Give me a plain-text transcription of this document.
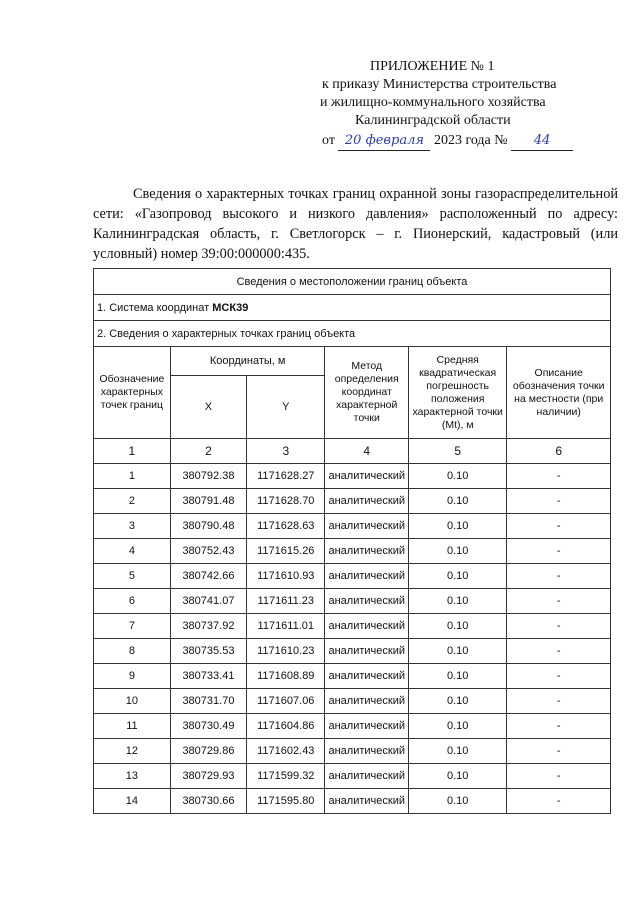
ПРИЛОЖЕНИЕ № 1
к приказу Министерства строительства
и жилищно-коммунального хозяйства
Калининградской области
от 20 февраля 2023 года № 44

Сведения о характерных точках границ охранной зоны газораспределительной сети: «Газопровод высокого и низкого давления» расположенный по адресу: Калининградская область, г. Светлогорск – г. Пионерский, кадастровый (или условный) номер 39:00:000000:435.

Сведения о местоположении границ объекта					
1. Система координат МСК39					
2. Сведения о характерных точках границ объекта					
Обозначение характерных точек границ	Координаты, м		Метод определения координат характерной точки	Средняя квадратическая погрешность положения характерной точки (Mt), м	Описание обозначения точки на местности (при наличии)
	X	Y			
1	2	3	4	5	6
1	380792.38	1171628.27	аналитический	0.10	-
2	380791.48	1171628.70	аналитический	0.10	-
3	380790.48	1171628.63	аналитический	0.10	-
4	380752.43	1171615.26	аналитический	0.10	-
5	380742.66	1171610.93	аналитический	0.10	-
6	380741.07	1171611.23	аналитический	0.10	-
7	380737.92	1171611.01	аналитический	0.10	-
8	380735.53	1171610.23	аналитический	0.10	-
9	380733.41	1171608.89	аналитический	0.10	-
10	380731.70	1171607.06	аналитический	0.10	-
11	380730.49	1171604.86	аналитический	0.10	-
12	380729.86	1171602.43	аналитический	0.10	-
13	380729.93	1171599.32	аналитический	0.10	-
14	380730.66	1171595.80	аналитический	0.10	-
